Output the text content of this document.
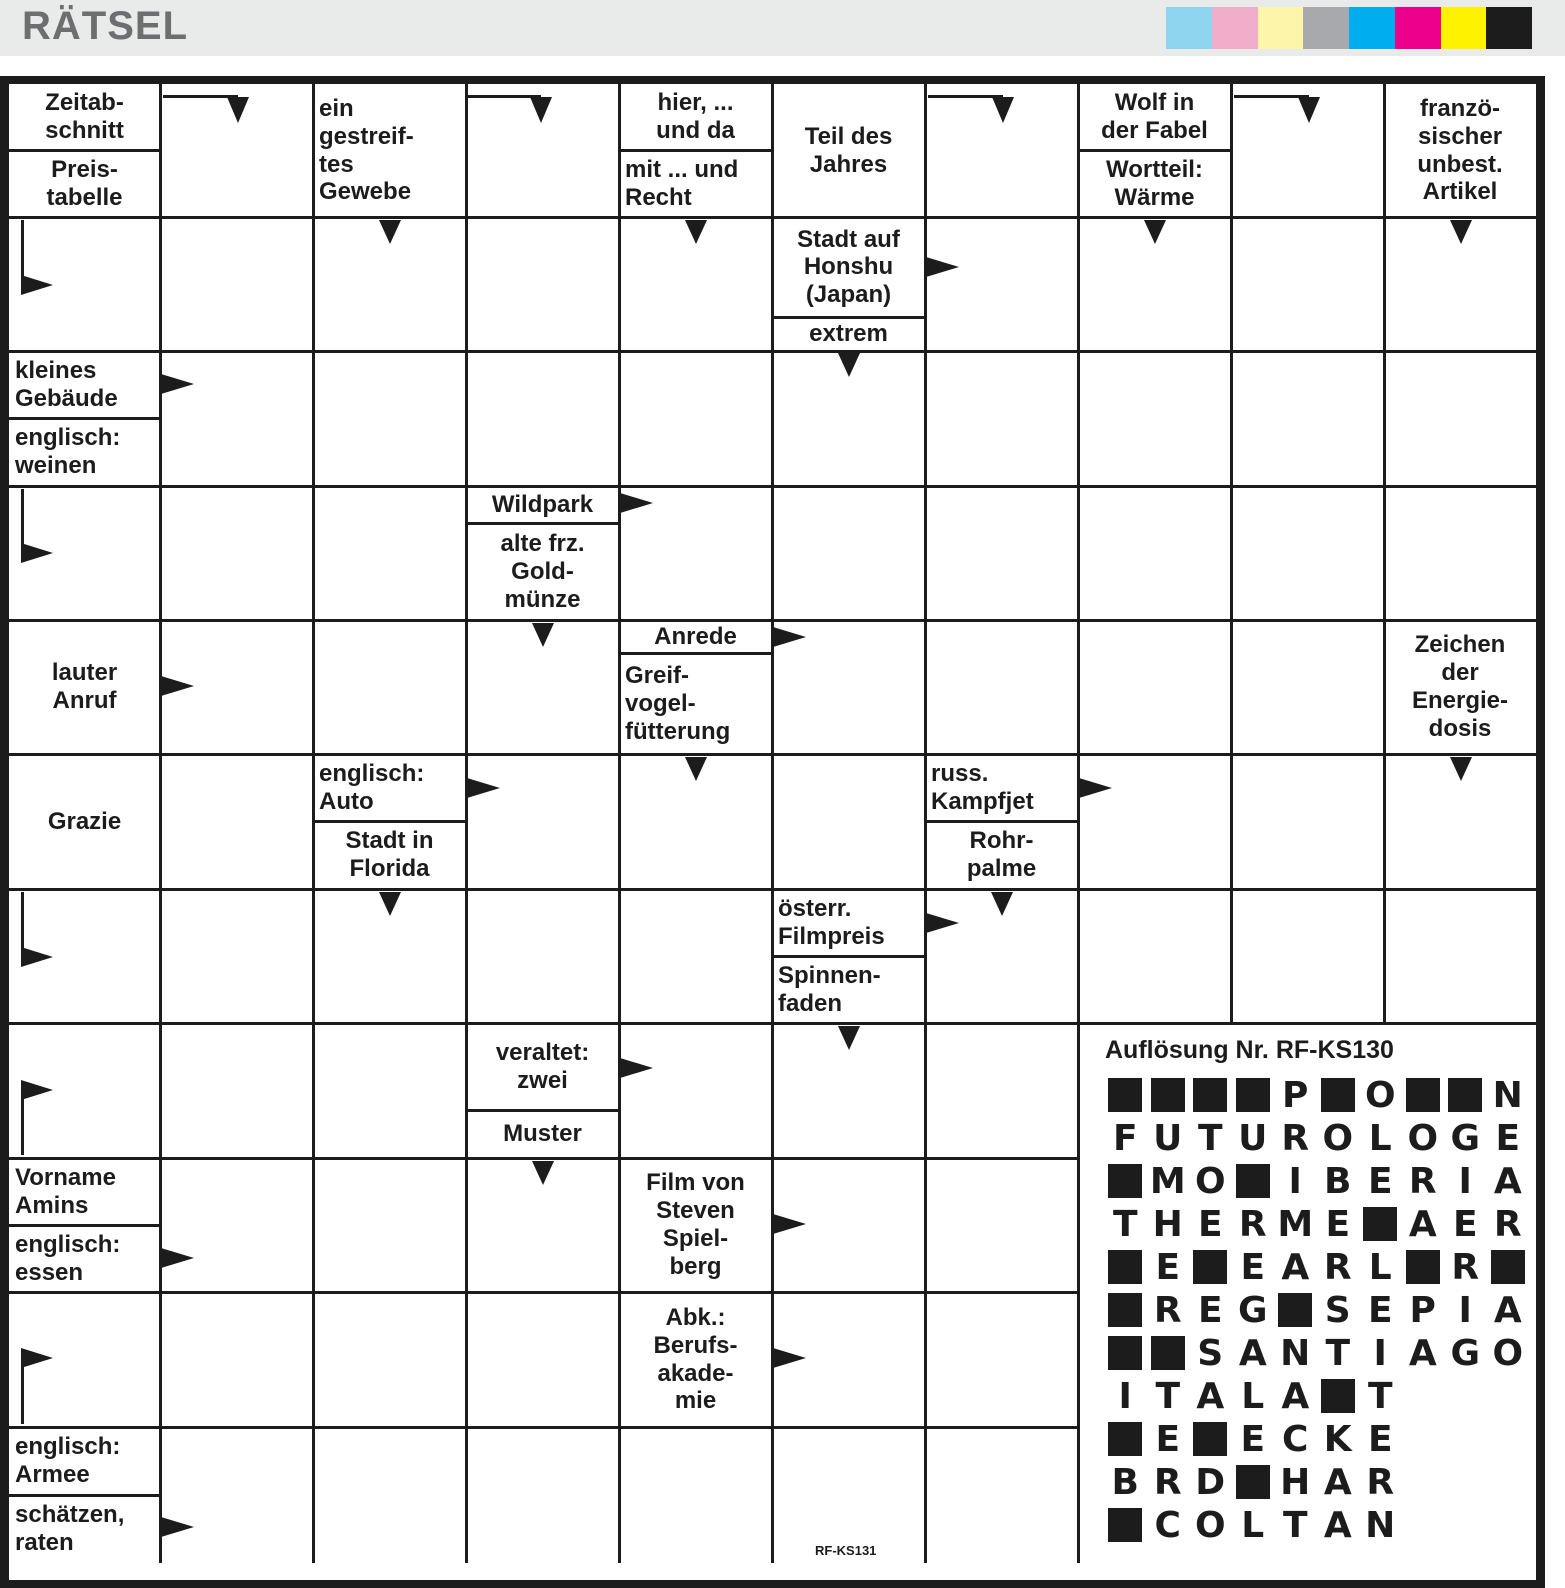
RÄTSEL
Zeitab-
schnitt
Preis-
tabelle
ein
gestreif-
tes
Gewebe
hier, ...
und da
mit ... und
Recht
Teil des
Jahres
Wolf in
der Fabel
Wortteil:
Wärme
franzö-
sischer
unbest.
Artikel
Stadt auf
Honshu
(Japan)
extrem
kleines
Gebäude
englisch:
weinen
Wildpark
alte frz.
Gold-
münze
lauter
Anruf
Anrede
Greif-
vogel-
fütterung
Zeichen
der
Energie-
dosis
Grazie
englisch:
Auto
Stadt in
Florida
russ.
Kampfjet
Rohr-
palme
österr.
Filmpreis
Spinnen-
faden
veraltet:
zwei
Muster
Vorname
Amins
englisch:
essen
Film von
Steven
Spiel-
berg
Abk.:
Berufs-
akade-
mie
englisch:
Armee
schätzen,
raten
Auflösung Nr. RF-KS130
P O	N
F U T U R O L O G E
M O	I B E R I A
T H E R M E A E R
E E A R L R
R E G S E P I A
S A N T I A G O
I T A L A T
E E C K E
B R D H A R
C O L T A N
RF-KS131
